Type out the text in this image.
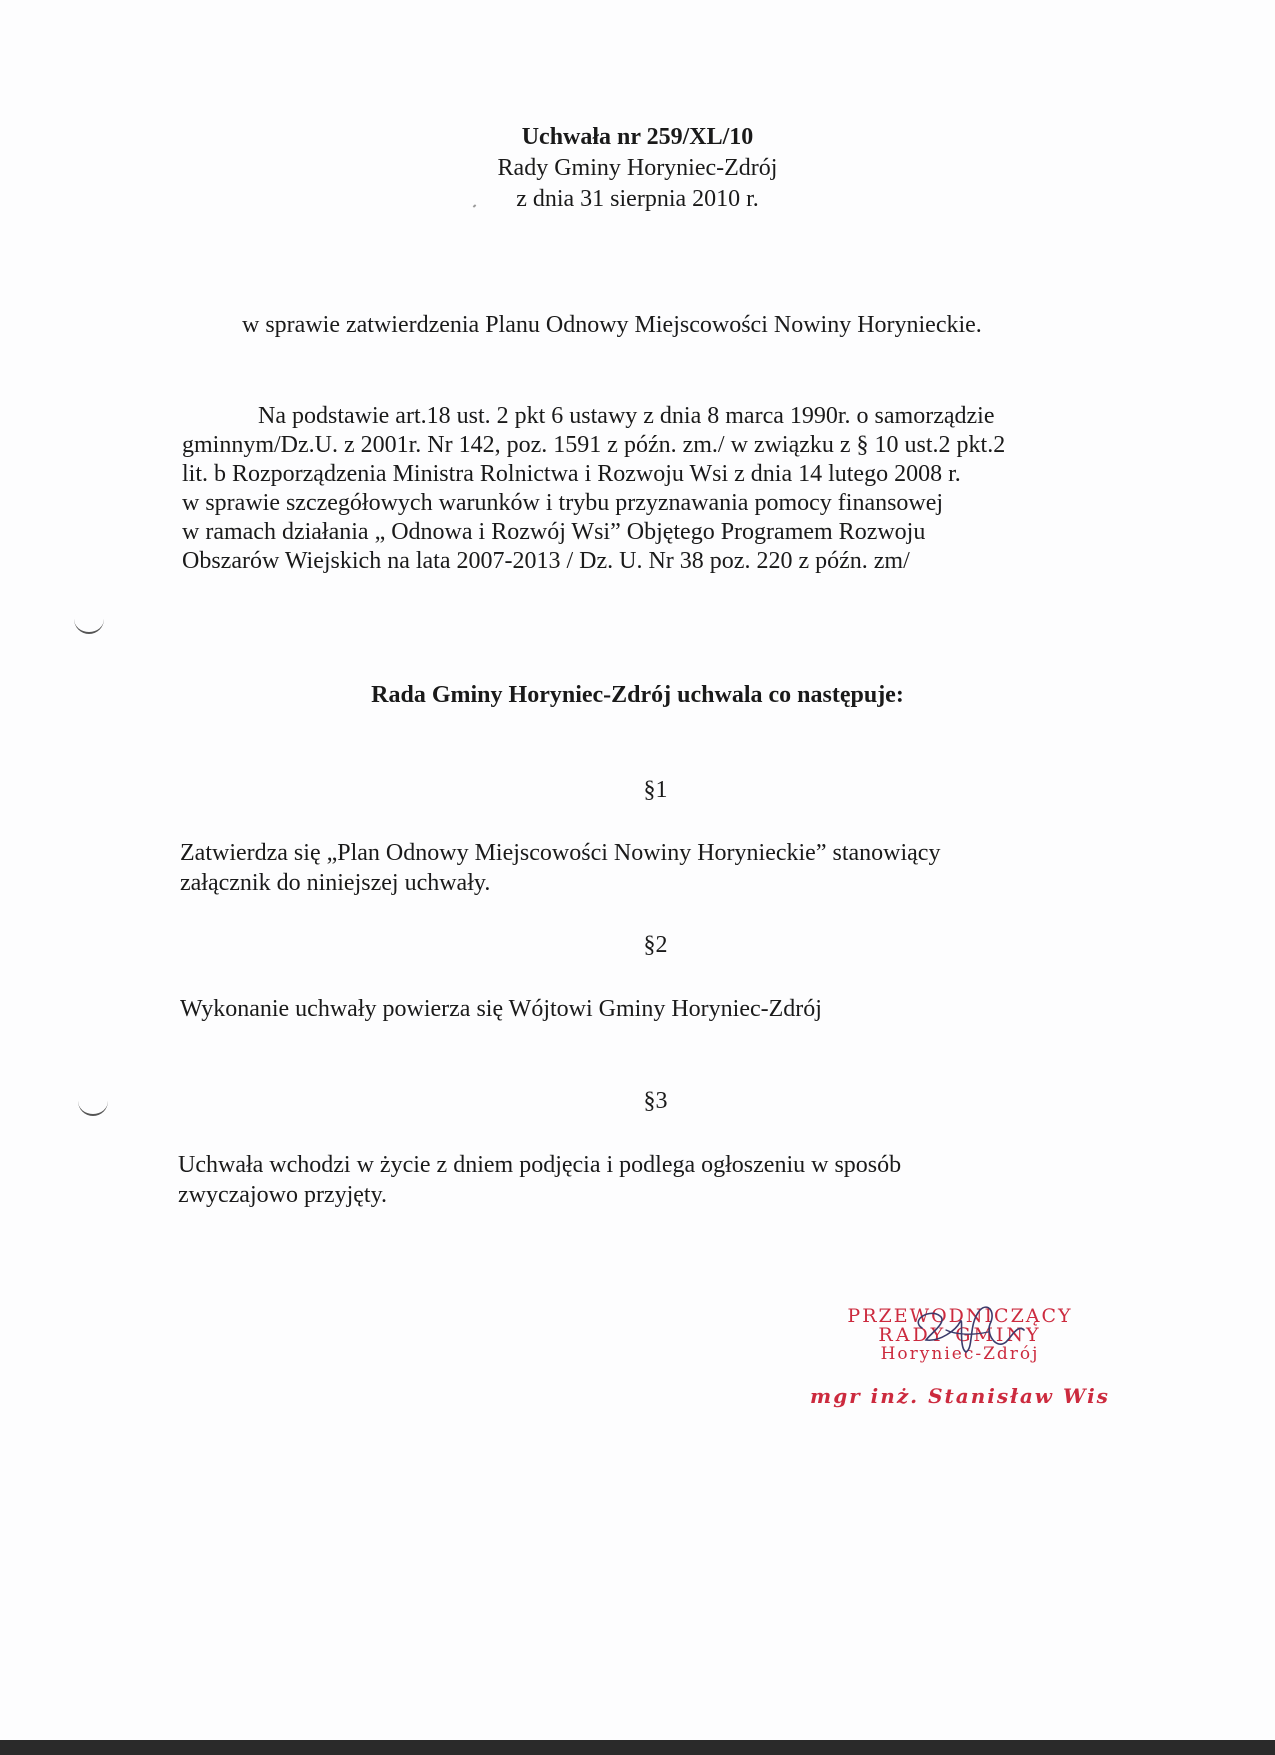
Uchwała nr 259/XL/10
Rady Gminy Horyniec-Zdrój
z dnia 31 sierpnia 2010 r.
w sprawie zatwierdzenia Planu Odnowy Miejscowości Nowiny Horynieckie.
Na podstawie art.18 ust. 2 pkt 6 ustawy z dnia 8 marca 1990r. o samorządzie
gminnym/Dz.U. z 2001r. Nr 142, poz. 1591 z późn. zm./ w związku z § 10 ust.2 pkt.2
lit. b Rozporządzenia Ministra Rolnictwa i Rozwoju Wsi z dnia 14 lutego 2008 r.
w sprawie szczegółowych warunków i trybu przyznawania pomocy finansowej
w ramach działania „ Odnowa i Rozwój Wsi” Objętego Programem Rozwoju
Obszarów Wiejskich na lata 2007-2013 / Dz. U. Nr 38 poz. 220 z późn. zm/
Rada Gminy Horyniec-Zdrój uchwala co następuje:
§1
Zatwierdza się „Plan Odnowy Miejscowości Nowiny Horynieckie” stanowiący
załącznik do niniejszej uchwały.
§2
Wykonanie uchwały powierza się Wójtowi Gminy Horyniec-Zdrój
§3
Uchwała wchodzi w życie z dniem podjęcia i podlega ogłoszeniu w sposób
zwyczajowo przyjęty.
PRZEWODNICZĄCY
RADY GMINY
Horyniec-Zdrój
mgr inż. Stanisław Wis
